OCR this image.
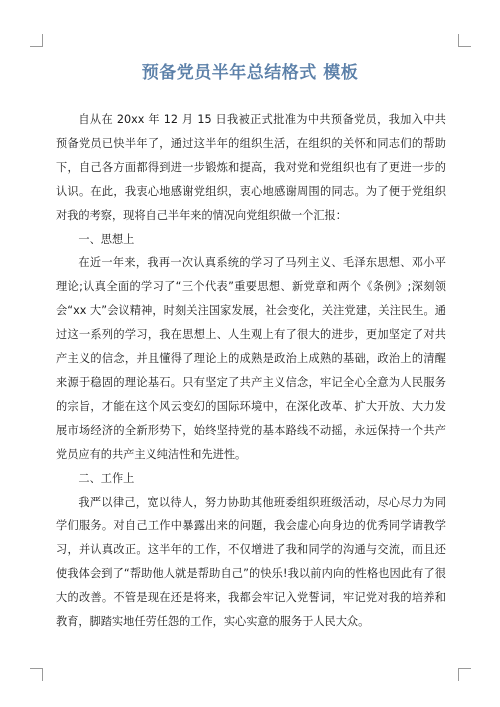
预备党员半年总结格式 模板

自从在 20xx 年 12 月 15 日我被正式批准为中共预备党员，我加入中共预备党员已快半年了，通过这半年的组织生活，在组织的关怀和同志们的帮助下，自己各方面都得到进一步锻炼和提高，我对党和党组织也有了更进一步的认识。在此，我衷心地感谢党组织，衷心地感谢周围的同志。为了便于党组织对我的考察，现将自己半年来的情况向党组织做一个汇报：

一、思想上

在近一年来，我再一次认真系统的学习了马列主义、毛泽东思想、邓小平理论;认真全面的学习了“三个代表”重要思想、新党章和两个《条例》;深刻领会“xx 大”会议精神，时刻关注国家发展，社会变化，关注党建，关注民生。通过这一系列的学习，我在思想上、人生观上有了很大的进步，更加坚定了对共产主义的信念，并且懂得了理论上的成熟是政治上成熟的基础，政治上的清醒来源于稳固的理论基石。只有坚定了共产主义信念，牢记全心全意为人民服务的宗旨，才能在这个风云变幻的国际环境中，在深化改革、扩大开放、大力发展市场经济的全新形势下，始终坚持党的基本路线不动摇，永远保持一个共产党员应有的共产主义纯洁性和先进性。

二、工作上

我严以律己，宽以待人，努力协助其他班委组织班级活动，尽心尽力为同学们服务。对自己工作中暴露出来的问题，我会虚心向身边的优秀同学请教学习，并认真改正。这半年的工作，不仅增进了我和同学的沟通与交流，而且还使我体会到了“帮助他人就是帮助自己”的快乐!我以前内向的性格也因此有了很大的改善。不管是现在还是将来，我都会牢记入党誓词，牢记党对我的培养和教育，脚踏实地任劳任怨的工作，实心实意的服务于人民大众。
